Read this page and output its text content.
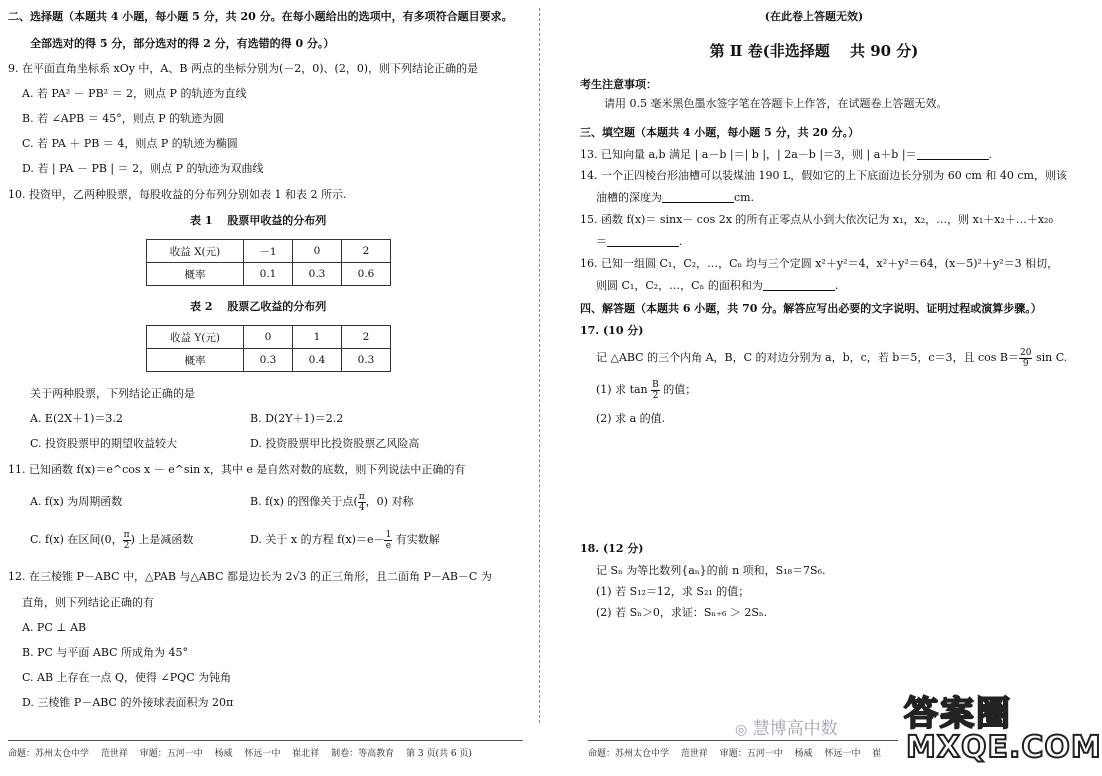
二、选择题（本题共 4 小题，每小题 5 分，共 20 分。在每小题给出的选项中，有多项符合题目要求。
全部选对的得 5 分，部分选对的得 2 分，有选错的得 0 分。）
9. 在平面直角坐标系 xOy 中，A、B 两点的坐标分别为(－2，0)、(2，0)，则下列结论正确的是
A. 若 PA² － PB² ＝ 2，则点 P 的轨迹为直线
B. 若 ∠APB ＝ 45°，则点 P 的轨迹为圆
C. 若 PA ＋ PB ＝ 4，则点 P 的轨迹为椭圆
D. 若 | PA － PB | ＝ 2，则点 P 的轨迹为双曲线
10. 投资甲，乙两种股票，每股收益的分布列分别如表 1 和表 2 所示.
表 1　 股票甲收益的分布列
收益 X(元)	－1	0	2
概率	0.1	0.3	0.6
表 2　 股票乙收益的分布列
收益 Y(元)	0	1	2
概率	0.3	0.4	0.3
关于两种股票，下列结论正确的是
A. E(2X＋1)＝3.2	B. D(2Y＋1)＝2.2
C. 投资股票甲的期望收益较大	D. 投资股票甲比投资股票乙风险高
11. 已知函数 f(x)＝e^cos x － e^sin x，其中 e 是自然对数的底数，则下列说法中正确的有
A. f(x) 为周期函数	B. f(x) 的图像关于点( $\frac{\pi}{4}$ ，0) 对称
C. f(x) 在区间(0， $\frac{\pi}{2}$ ) 上是减函数	D. 关于 x 的方程 $f(x)=e- \frac{1}{e}$ 有实数解
12. 在三棱锥 P－ABC 中，△PAB 与△ABC 都是边长为 2√3 的正三角形，且二面角 P－AB－C 为
直角，则下列结论正确的有
A. PC ⊥ AB
B. PC 与平面 ABC 所成角为 45°
C. AB 上存在一点 Q，使得 ∠PQC 为钝角
D. 三棱锥 P－ABC 的外接球表面积为 20π
命题：苏州太仓中学　 范世祥　 审题：五河一中　 杨威　 怀远一中　 崔北祥　 制卷：等高教育　 第 3 页(共 6 页)
(在此卷上答题无效)
第 Ⅱ 卷(非选择题　 共 90 分)
考生注意事项：
请用 0.5 毫米黑色墨水签字笔在答题卡上作答，在试题卷上答题无效。
三、填空题（本题共 4 小题，每小题 5 分，共 20 分。）
13. 已知向量 a,b 满足 | a－b |＝| b |，| 2a－b |＝3，则 | a＋b |＝	.
14. 一个正四棱台形油槽可以装煤油 190 L，假如它的上下底面边长分别为 60 cm 和 40 cm，则该
油槽的深度为	cm.
15. 函数 f(x)＝ sinx－ cos 2x 的所有正零点从小到大依次记为 x₁，x₂，…，则 x₁＋x₂＋…＋x₂₀
＝	.
16. 已知一组圆 C₁，C₂，…，Cₙ 均与三个定圆 x²＋y²＝4，x²＋y²＝64，(x－5)²＋y²＝3 相切，
则圆 C₁，C₂，…，Cₙ 的面积和为	.
四、解答题（本题共 6 小题，共 70 分。解答应写出必要的文字说明、证明过程或演算步骤。）
17. (10 分)
记 △ABC 的三个内角 A，B，C 的对边分别为 a，b，c，若 b＝5，c＝3，且 $\cos B= \frac{20}{9}$ sin C.
(1) 求 $\tan \frac{B}{2}$ 的值；
(2) 求 a 的值.
18. (12 分)
记 Sₙ 为等比数列{aₙ}的前 n 项和，S₁₈＝7S₆.
(1) 若 S₁₂＝12，求 S₂₁ 的值；
(2) 若 Sₙ＞0，求证：Sₙ₊₆ ＞ 2Sₙ.
命题：苏州太仓中学　 范世祥　 审题：五河一中　 杨威　 怀远一中　 崔
◎ 慧博高中数 答案圈
MXQE.COM
